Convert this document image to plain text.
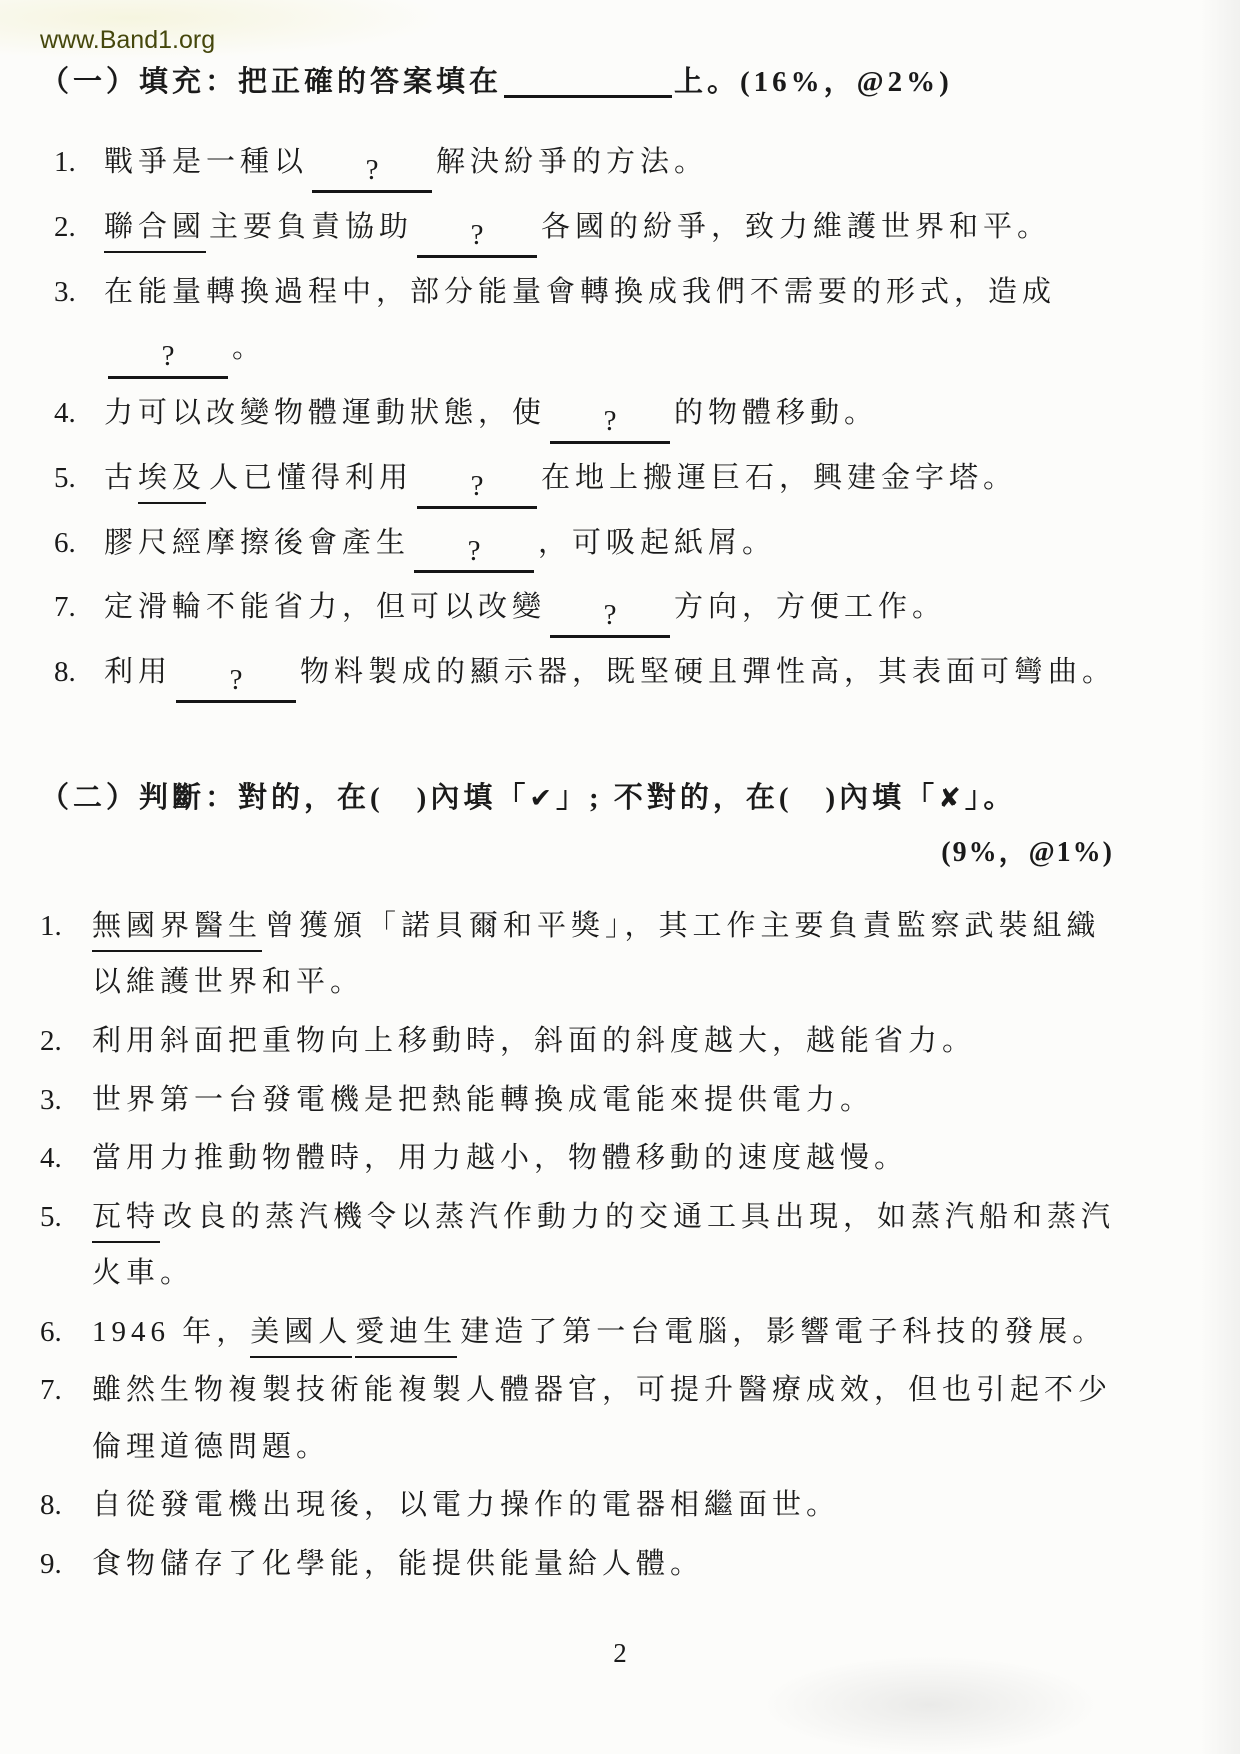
www.Band1.org
（一）填充：把正確的答案填在	上。(16%，@2%)
1. 戰爭是一種以 ? 解決紛爭的方法。
2. 聯合國 主要負責協助 ? 各國的紛爭，致力維護世界和平。
3. 在能量轉換過程中，部分能量會轉換成我們不需要的形式，造成
? 。
4. 力可以改變物體運動狀態，使 ? 的物體移動。
5. 古埃及 人已懂得利用 ? 在地上搬運巨石，興建金字塔。
6. 膠尺經摩擦後會產生 ? ，可吸起紙屑。
7. 定滑輪不能省力，但可以改變 ? 方向，方便工作。
8. 利用 ? 物料製成的顯示器，既堅硬且彈性高，其表面可彎曲。
（二）判斷：對的，在(　)內填「✔」; 不對的，在(　)內填「✘」。
(9%，@1%)
1.	無國界醫生 曾獲頒「諾貝爾和平獎」，其工作主要負責監察武裝組織以維護世界和平。
2.	利用斜面把重物向上移動時，斜面的斜度越大，越能省力。
3.	世界第一台發電機是把熱能轉換成電能來提供電力。
4.	當用力推動物體時，用力越小，物體移動的速度越慢。
5.	瓦特 改良的蒸汽機令以蒸汽作動力的交通工具出現，如蒸汽船和蒸汽火車。
6.	1946 年，美國人 愛迪生 建造了第一台電腦，影響電子科技的發展。
7.	雖然生物複製技術能複製人體器官，可提升醫療成效，但也引起不少倫理道德問題。
8.	自從發電機出現後，以電力操作的電器相繼面世。
9.	食物儲存了化學能，能提供能量給人體。
2
